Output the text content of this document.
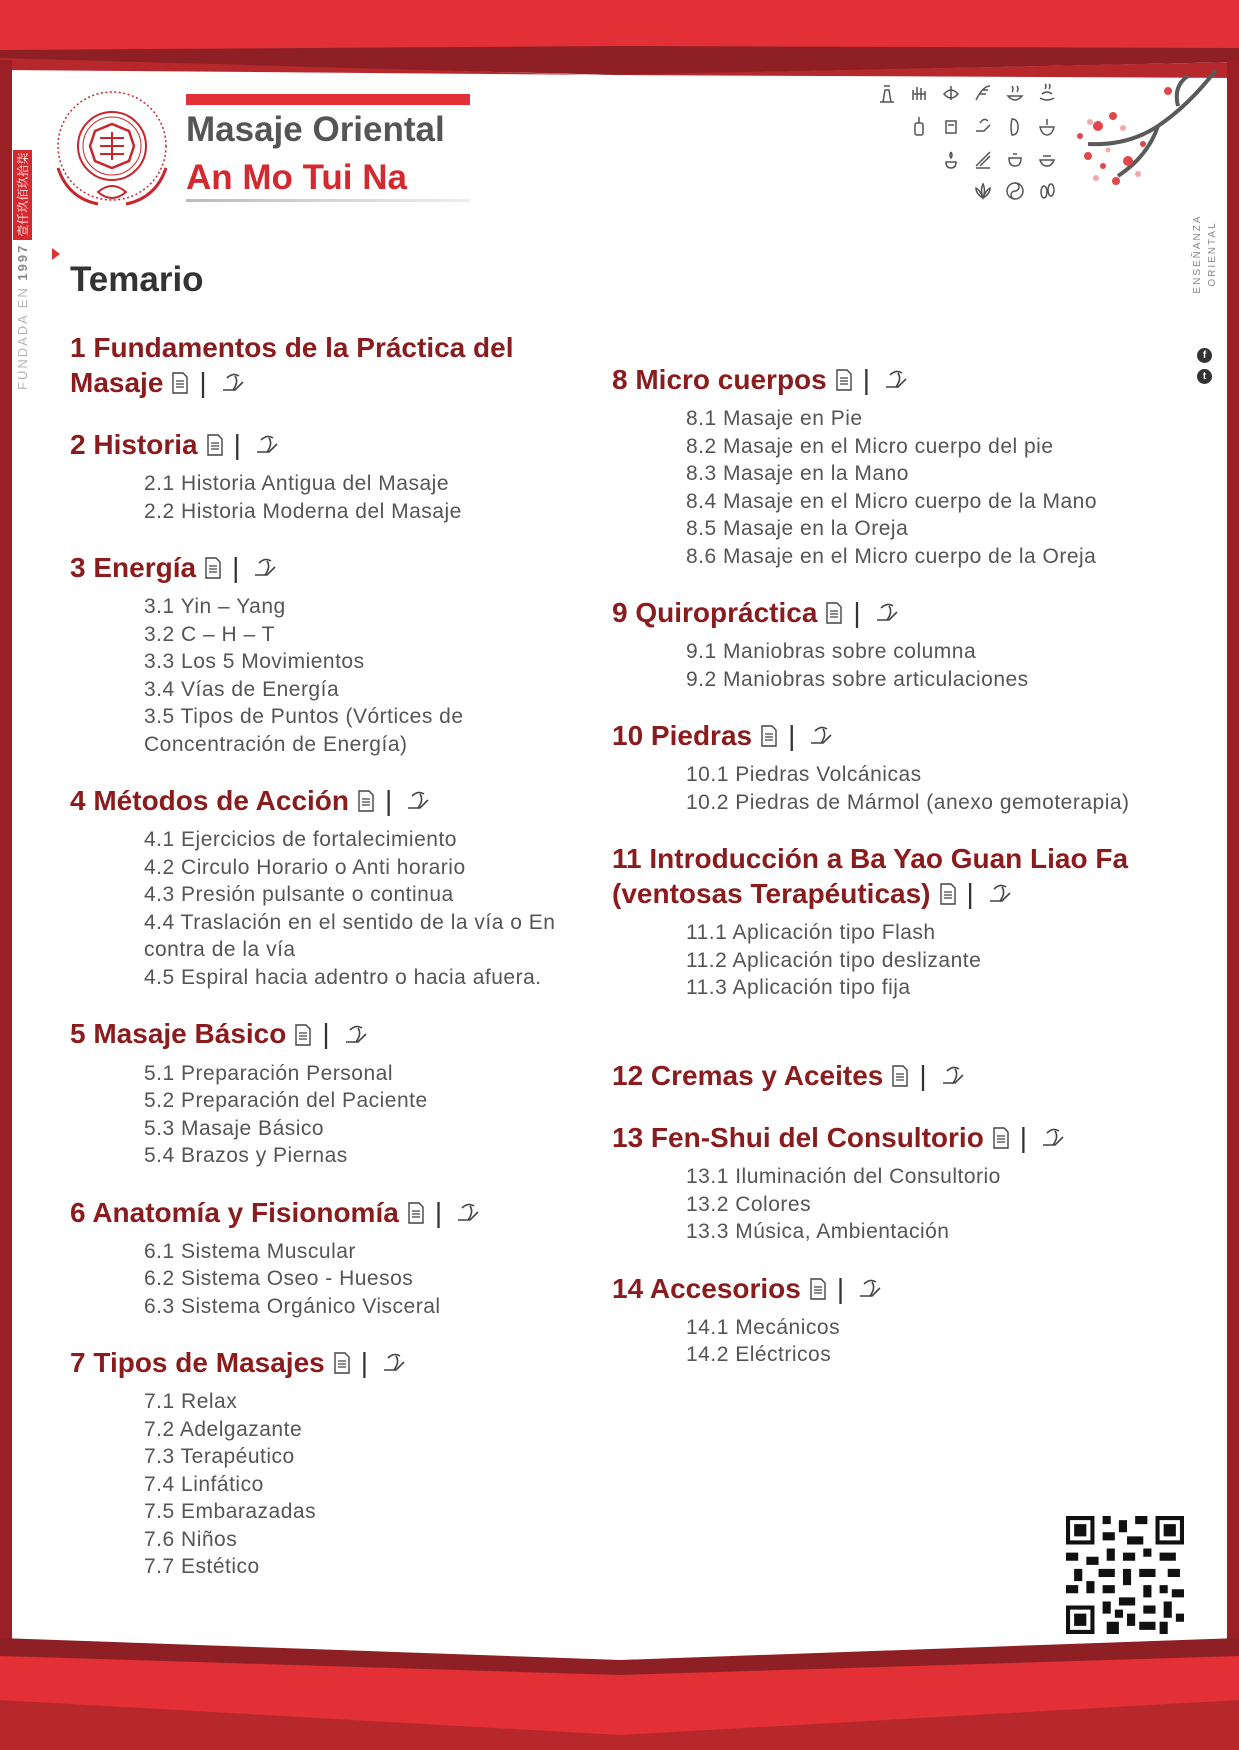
Masaje Oriental
An Mo Tui Na
FUNDADA EN 1997壹仟玖佰玖拾柒
ENSEÑANZA ORIENTAL
f
t
Temario
1 Fundamentos de la Práctica del Masaje |
2 Historia |
2.1 Historia Antigua del Masaje
2.2 Historia Moderna del Masaje
3 Energía |
3.1 Yin – Yang
3.2 C – H – T
3.3 Los 5 Movimientos
3.4 Vías de Energía
3.5 Tipos de Puntos (Vórtices de Concentración de Energía)
4 Métodos de Acción |
4.1 Ejercicios de fortalecimiento
4.2 Circulo Horario o Anti horario
4.3 Presión pulsante o continua
4.4 Traslación en el sentido de la vía o En contra de la vía
4.5 Espiral hacia adentro o hacia afuera.
5 Masaje Básico |
5.1 Preparación Personal
5.2 Preparación del Paciente
5.3 Masaje Básico
5.4 Brazos y Piernas
6 Anatomía y Fisionomía |
6.1 Sistema Muscular
6.2 Sistema Oseo - Huesos
6.3 Sistema Orgánico Visceral
7 Tipos de Masajes |
7.1 Relax
7.2 Adelgazante
7.3 Terapéutico
7.4 Linfático
7.5 Embarazadas
7.6 Niños
7.7 Estético
8 Micro cuerpos |
8.1 Masaje en Pie
8.2 Masaje en el Micro cuerpo del pie
8.3 Masaje en la Mano
8.4 Masaje en el Micro cuerpo de la Mano
8.5 Masaje en la Oreja
8.6 Masaje en el Micro cuerpo de la Oreja
9 Quiropráctica |
9.1 Maniobras sobre columna
9.2 Maniobras sobre articulaciones
10 Piedras |
10.1 Piedras Volcánicas
10.2 Piedras de Mármol (anexo gemoterapia)
11 Introducción a Ba Yao Guan Liao Fa (ventosas Terapéuticas) |
11.1 Aplicación tipo Flash
11.2 Aplicación tipo deslizante
11.3 Aplicación tipo fija
12 Cremas y Aceites |
13 Fen-Shui del Consultorio |
13.1 Iluminación del Consultorio
13.2 Colores
13.3 Música, Ambientación
14 Accesorios |
14.1 Mecánicos
14.2 Eléctricos
